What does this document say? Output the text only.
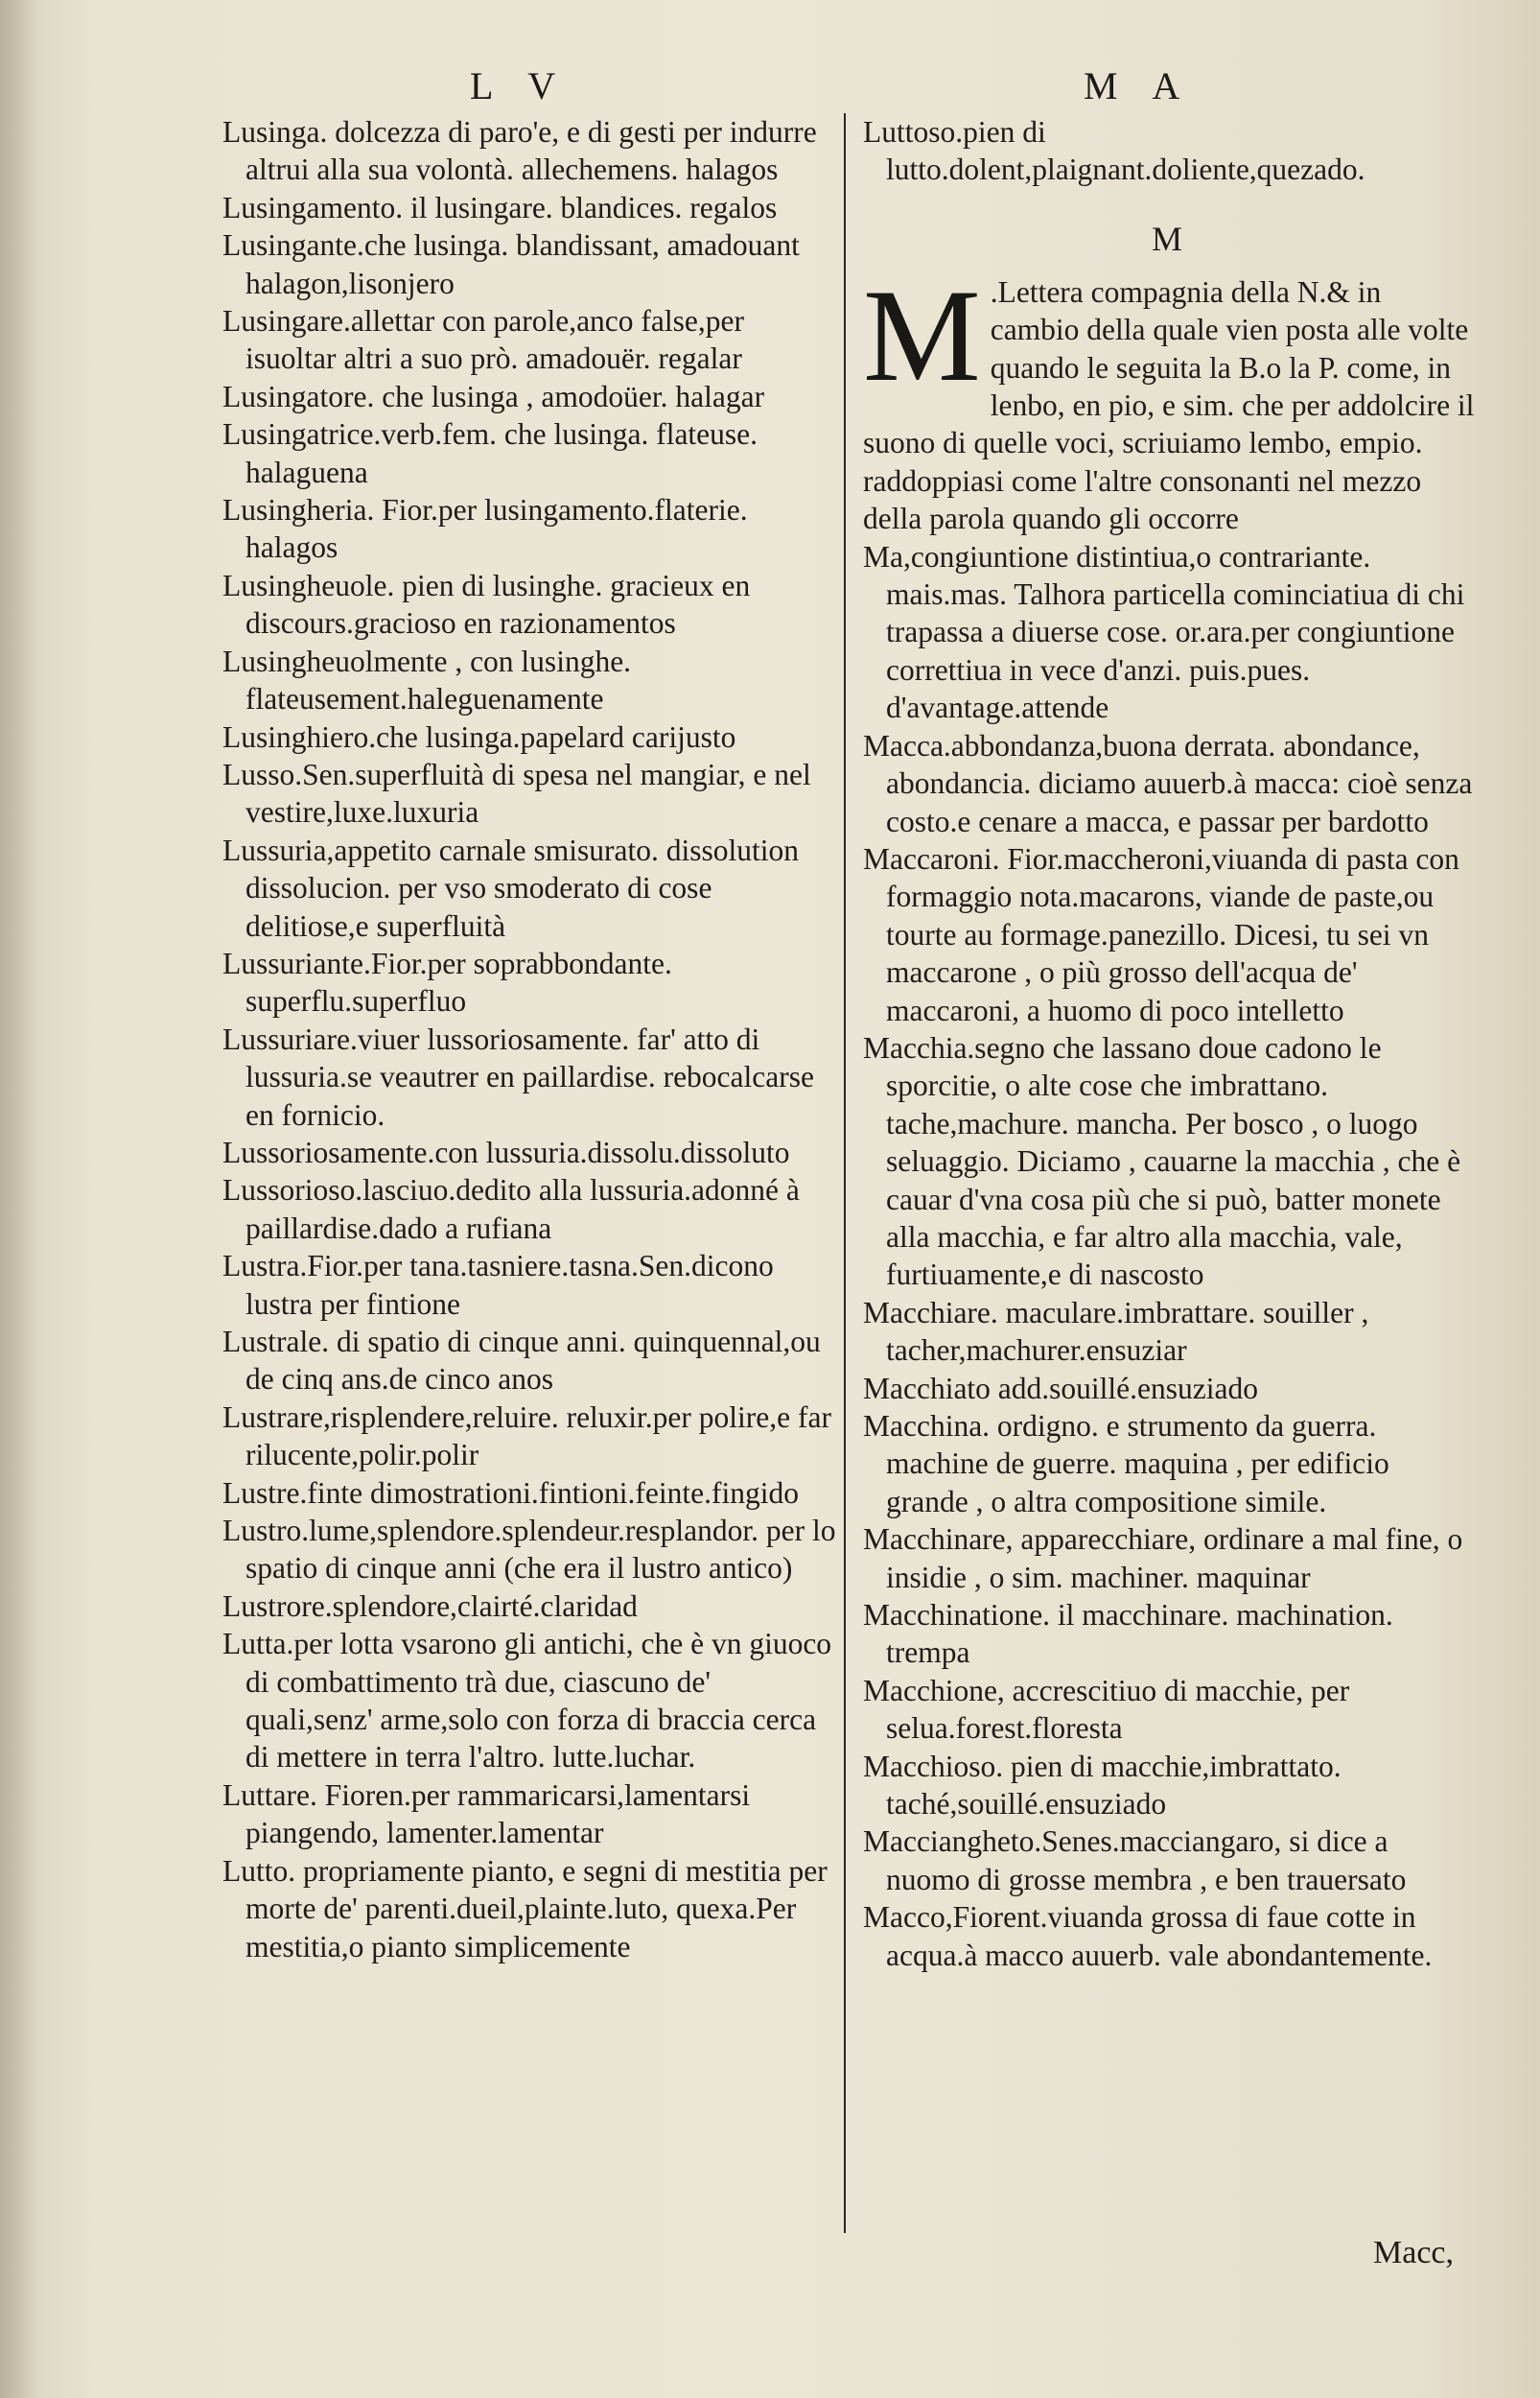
L V	M A
Lusinga. dolcezza di paro'e, e di gesti per indurre altrui alla sua volontà. allechemens. halagos
Lusingamento. il lusingare. blandices. regalos
Lusingante.che lusinga. blandissant, amadouant halagon,lisonjero
Lusingare.allettar con parole,anco false,per isuoltar altri a suo prò. amadouër. regalar
Lusingatore. che lusinga , amodoüer. halagar
Lusingatrice.verb.fem. che lusinga. flateuse. halaguena
Lusingheria. Fior.per lusingamento.flaterie. halagos
Lusingheuole. pien di lusinghe. gracieux en discours.gracioso en razionamentos
Lusingheuolmente , con lusinghe. flateusement.haleguenamente
Lusinghiero.che lusinga.papelard carijusto
Lusso.Sen.superfluità di spesa nel mangiar, e nel vestire,luxe.luxuria
Lussuria,appetito carnale smisurato. dissolution dissolucion. per vso smoderato di cose delitiose,e superfluità
Lussuriante.Fior.per soprabbondante. superflu.superfluo
Lussuriare.viuer lussoriosamente. far' atto di lussuria.se veautrer en paillardise. rebocalcarse en fornicio.
Lussoriosamente.con lussuria.dissolu.dissoluto
Lussorioso.lasciuo.dedito alla lussuria.adonné à paillardise.dado a rufiana
Lustra.Fior.per tana.tasniere.tasna.Sen.dicono lustra per fintione
Lustrale. di spatio di cinque anni. quinquennal,ou de cinq ans.de cinco anos
Lustrare,risplendere,reluire. reluxir.per polire,e far rilucente,polir.polir
Lustre.finte dimostrationi.fintioni.feinte.fingido
Lustro.lume,splendore.splendeur.resplandor. per lo spatio di cinque anni (che era il lustro antico)
Lustrore.splendore,clairté.claridad
Lutta.per lotta vsarono gli antichi, che è vn giuoco di combattimento trà due, ciascuno de' quali,senz' arme,solo con forza di braccia cerca di mettere in terra l'altro. lutte.luchar.
Luttare. Fioren.per rammaricarsi,lamentarsi piangendo, lamenter.lamentar
Lutto. propriamente pianto, e segni di mestitia per morte de' parenti.dueil,plainte.luto, quexa.Per mestitia,o pianto simplicemente
Luttoso.pien di lutto.dolent,plaignant.doliente,quezado.
M
M .Lettera compagnia della N.& in cambio della quale vien posta alle volte quando le seguita la B.o la P. come, in lenbo, en pio, e sim. che per addolcire il suono di quelle voci, scriuiamo lembo, empio. raddoppiasi come l'altre consonanti nel mezzo della parola quando gli occorre
Ma,congiuntione distintiua,o contrariante. mais.mas. Talhora particella cominciatiua di chi trapassa a diuerse cose. or.ara.per congiuntione correttiua in vece d'anzi. puis.pues. d'avantage.attende
Macca.abbondanza,buona derrata. abondance, abondancia. diciamo auuerb.à macca: cioè senza costo.e cenare a macca, e passar per bardotto
Maccaroni. Fior.maccheroni,viuanda di pasta con formaggio nota.macarons, viande de paste,ou tourte au formage.panezillo. Dicesi, tu sei vn maccarone , o più grosso dell'acqua de' maccaroni, a huomo di poco intelletto
Macchia.segno che lassano doue cadono le sporcitie, o alte cose che imbrattano. tache,machure. mancha. Per bosco , o luogo seluaggio. Diciamo , cauarne la macchia , che è cauar d'vna cosa più che si può, batter monete alla macchia, e far altro alla macchia, vale, furtiuamente,e di nascosto
Macchiare. maculare.imbrattare. souiller , tacher,machurer.ensuziar
Macchiato add.souillé.ensuziado
Macchina. ordigno. e strumento da guerra. machine de guerre. maquina , per edificio grande , o altra compositione simile.
Macchinare, apparecchiare, ordinare a mal fine, o insidie , o sim. machiner. maquinar
Macchinatione. il macchinare. machination. trempa
Macchione, accrescitiuo di macchie, per selua.forest.floresta
Macchioso. pien di macchie,imbrattato. taché,souillé.ensuziado
Macciangheto.Senes.macciangaro, si dice a nuomo di grosse membra , e ben trauersato
Macco,Fiorent.viuanda grossa di faue cotte in acqua.à macco auuerb. vale abondantemente.
Macc,
